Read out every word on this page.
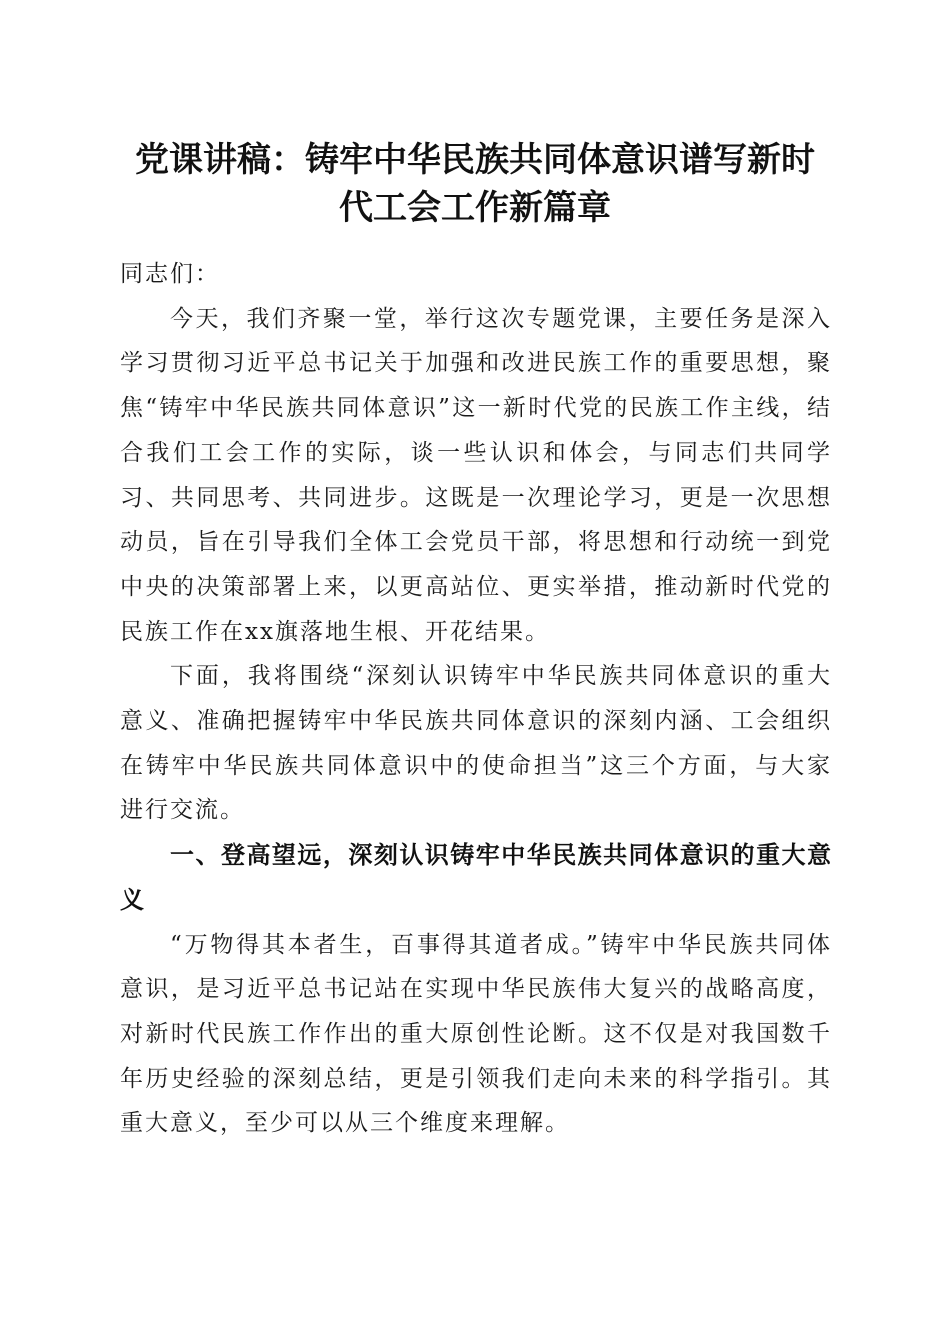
党课讲稿：铸牢中华民族共同体意识谱写新时
代工会工作新篇章

同志们：

今天，我们齐聚一堂，举行这次专题党课，主要任务是深入学习贯彻习近平总书记关于加强和改进民族工作的重要思想，聚焦“铸牢中华民族共同体意识”这一新时代党的民族工作主线，结合我们工会工作的实际，谈一些认识和体会，与同志们共同学习、共同思考、共同进步。这既是一次理论学习，更是一次思想动员，旨在引导我们全体工会党员干部，将思想和行动统一到党中央的决策部署上来，以更高站位、更实举措，推动新时代党的民族工作在xx旗落地生根、开花结果。

下面，我将围绕“深刻认识铸牢中华民族共同体意识的重大意义、准确把握铸牢中华民族共同体意识的深刻内涵、工会组织在铸牢中华民族共同体意识中的使命担当”这三个方面，与大家进行交流。

一、登高望远，深刻认识铸牢中华民族共同体意识的重大意义

“万物得其本者生，百事得其道者成。”铸牢中华民族共同体意识，是习近平总书记站在实现中华民族伟大复兴的战略高度，对新时代民族工作作出的重大原创性论断。这不仅是对我国数千年历史经验的深刻总结，更是引领我们走向未来的科学指引。其重大意义，至少可以从三个维度来理解。
